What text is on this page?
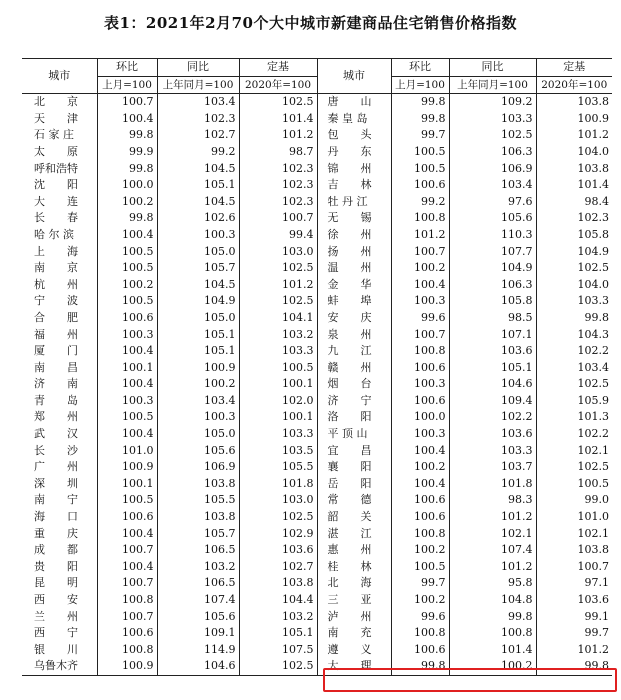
表1：2021年2月70个大中城市新建商品住宅销售价格指数
城市	环比	同比	定基	城市	环比	同比	定基
	上月=100	上年同月=100	2020年=100		上月=100	上年同月=100	2020年=100
北　　京	100.7	103.4	102.5	唐　　山	99.8	109.2	103.8
天　　津	100.4	102.3	101.4	秦 皇 岛	99.8	103.3	100.9
石 家 庄	99.8	102.7	101.2	包　　头	99.7	102.5	101.2
太　　原	99.9	99.2	98.7	丹　　东	100.5	106.3	104.0
呼和浩特	99.8	104.5	102.3	锦　　州	100.5	106.9	103.8
沈　　阳	100.0	105.1	102.3	吉　　林	100.6	103.4	101.4
大　　连	100.2	104.5	102.3	牡 丹 江	99.2	97.6	98.4
长　　春	99.8	102.6	100.7	无　　锡	100.8	105.6	102.3
哈 尔 滨	100.4	100.3	99.4	徐　　州	101.2	110.3	105.8
上　　海	100.5	105.0	103.0	扬　　州	100.7	107.7	104.9
南　　京	100.5	105.7	102.5	温　　州	100.2	104.9	102.5
杭　　州	100.2	104.5	101.2	金　　华	100.4	106.3	104.0
宁　　波	100.5	104.9	102.5	蚌　　埠	100.3	105.8	103.3
合　　肥	100.6	105.0	104.1	安　　庆	99.6	98.5	99.8
福　　州	100.3	105.1	103.2	泉　　州	100.7	107.1	104.3
厦　　门	100.4	105.1	103.3	九　　江	100.8	103.6	102.2
南　　昌	100.1	100.9	100.5	赣　　州	100.6	105.1	103.4
济　　南	100.4	100.2	100.1	烟　　台	100.3	104.6	102.5
青　　岛	100.3	103.4	102.0	济　　宁	100.6	109.4	105.9
郑　　州	100.5	100.3	100.1	洛　　阳	100.0	102.2	101.3
武　　汉	100.4	105.0	103.3	平 顶 山	100.3	103.6	102.2
长　　沙	101.0	105.6	103.5	宜　　昌	100.4	103.3	102.1
广　　州	100.9	106.9	105.5	襄　　阳	100.2	103.7	102.5
深　　圳	100.1	103.8	101.8	岳　　阳	100.4	101.8	100.5
南　　宁	100.5	105.5	103.0	常　　德	100.6	98.3	99.0
海　　口	100.6	103.8	102.5	韶　　关	100.6	101.2	101.0
重　　庆	100.4	105.7	102.9	湛　　江	100.8	102.1	102.1
成　　都	100.7	106.5	103.6	惠　　州	100.2	107.4	103.8
贵　　阳	100.4	103.2	102.7	桂　　林	100.5	101.2	100.7
昆　　明	100.7	106.5	103.8	北　　海	99.7	95.8	97.1
西　　安	100.8	107.4	104.4	三　　亚	100.2	104.8	103.6
兰　　州	100.7	105.6	103.2	泸　　州	99.6	99.8	99.1
西　　宁	100.6	109.1	105.1	南　　充	100.8	100.8	99.7
银　　川	100.8	114.9	107.5	遵　　义	100.6	101.4	101.2
乌鲁木齐	100.9	104.6	102.5	大　　理	99.8	100.2	99.8
